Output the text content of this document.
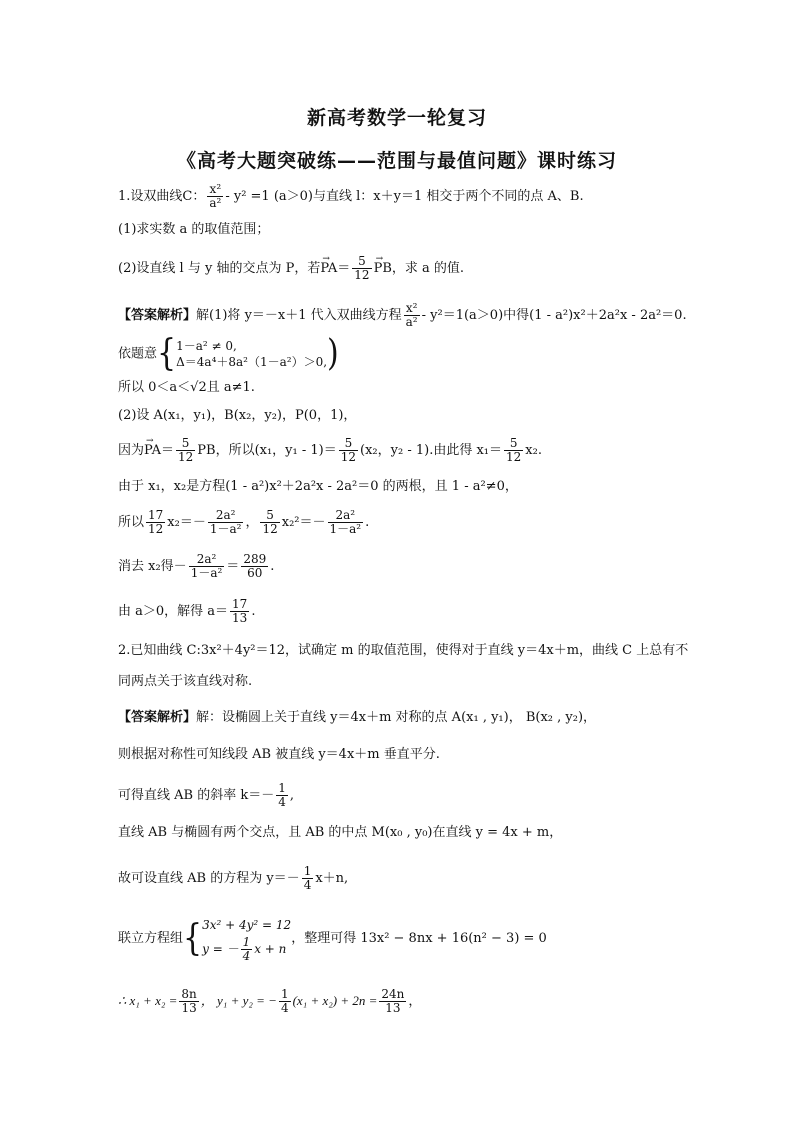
新高考数学一轮复习
《高考大题突破练——范围与最值问题》课时练习
1.设双曲线C： $\frac{\text{x²}}{\text{a²}} - y^2 =1$ (a＞0)与直线 l：x＋y＝1 相交于两个不同的点 A、B.
(1)求实数 a 的取值范围；
(2)设直线 l 与 y 轴的交点为 P，若→ $PA= \frac{5}{12}$
→ PB，求 a 的值.
【答案解析】解(1)将 y＝－x＋1 代入双曲线方程 $\frac{\text{x²}}{\text{a²}} - y^2=1(a>0)$中得(1 - a²)x²＋2a²x - 2a²＝0.
依题意{1－a² ≠ 0,
Δ＝4a⁴＋8a²（1－a²）＞0,)
所以 0＜a＜√2且 a≠1.
(2)设 A(x₁，y₁)，B(x₂，y₂)，P(0，1)，
因为→ $PA= \frac{5}{12}$ PB，所以(x₁，$y_1 - 1)= \frac{5}{12} (x_2$，y₂ - 1).由此得 $x_1= \frac{5}{12} x_2$.
由于 x₁，x₂是方程(1 - a²)x²＋2a²x - 2a²＝0 的两根，且 1 - a²≠0，
所以 $\frac{17}{12} x_2=- \frac{\text{2a²}}{\text{1－a²}}$ ， $\frac{5}{12} x_2^2=- \frac{\text{2a²}}{\text{1－a²}}$ .
消去 x₂得－ $\frac{\text{2a²}}{\text{1－a²}} = \frac{289}{60}$ .
由 a＞0，解得 $a= \frac{17}{13}$ .
2.已知曲线 C:3x²＋4y²＝12，试确定 m 的取值范围，使得对于直线 y＝4x＋m，曲线 C 上总有不
同两点关于该直线对称.
【答案解析】解：设椭圆上关于直线 y＝4x＋m 对称的点 A(x₁ , y₁)， B(x₂ , y₂)，
则根据对称性可知线段 AB 被直线 y＝4x＋m 垂直平分.
可得直线 AB 的斜率 $k=- \frac{1}{4}$ ,
直线 AB 与椭圆有两个交点，且 AB 的中点 M(x₀ , y₀)在直线 y = 4x + m，
故可设直线 AB 的方程为 $y=- \frac{1}{4} x+n$,
联立方程组{3x² + 4y² = 12
y = － $\frac{1}{4}$ x + n，整理可得 13x² − 8nx + 16(n² − 3) = 0
∴ $x_1 + x_2 = \frac{8n}{13}$ ， y₁ + y₂ = − $\frac{1}{4} (x_1 + x_2) + 2n = \frac{24n}{13}$ ，
